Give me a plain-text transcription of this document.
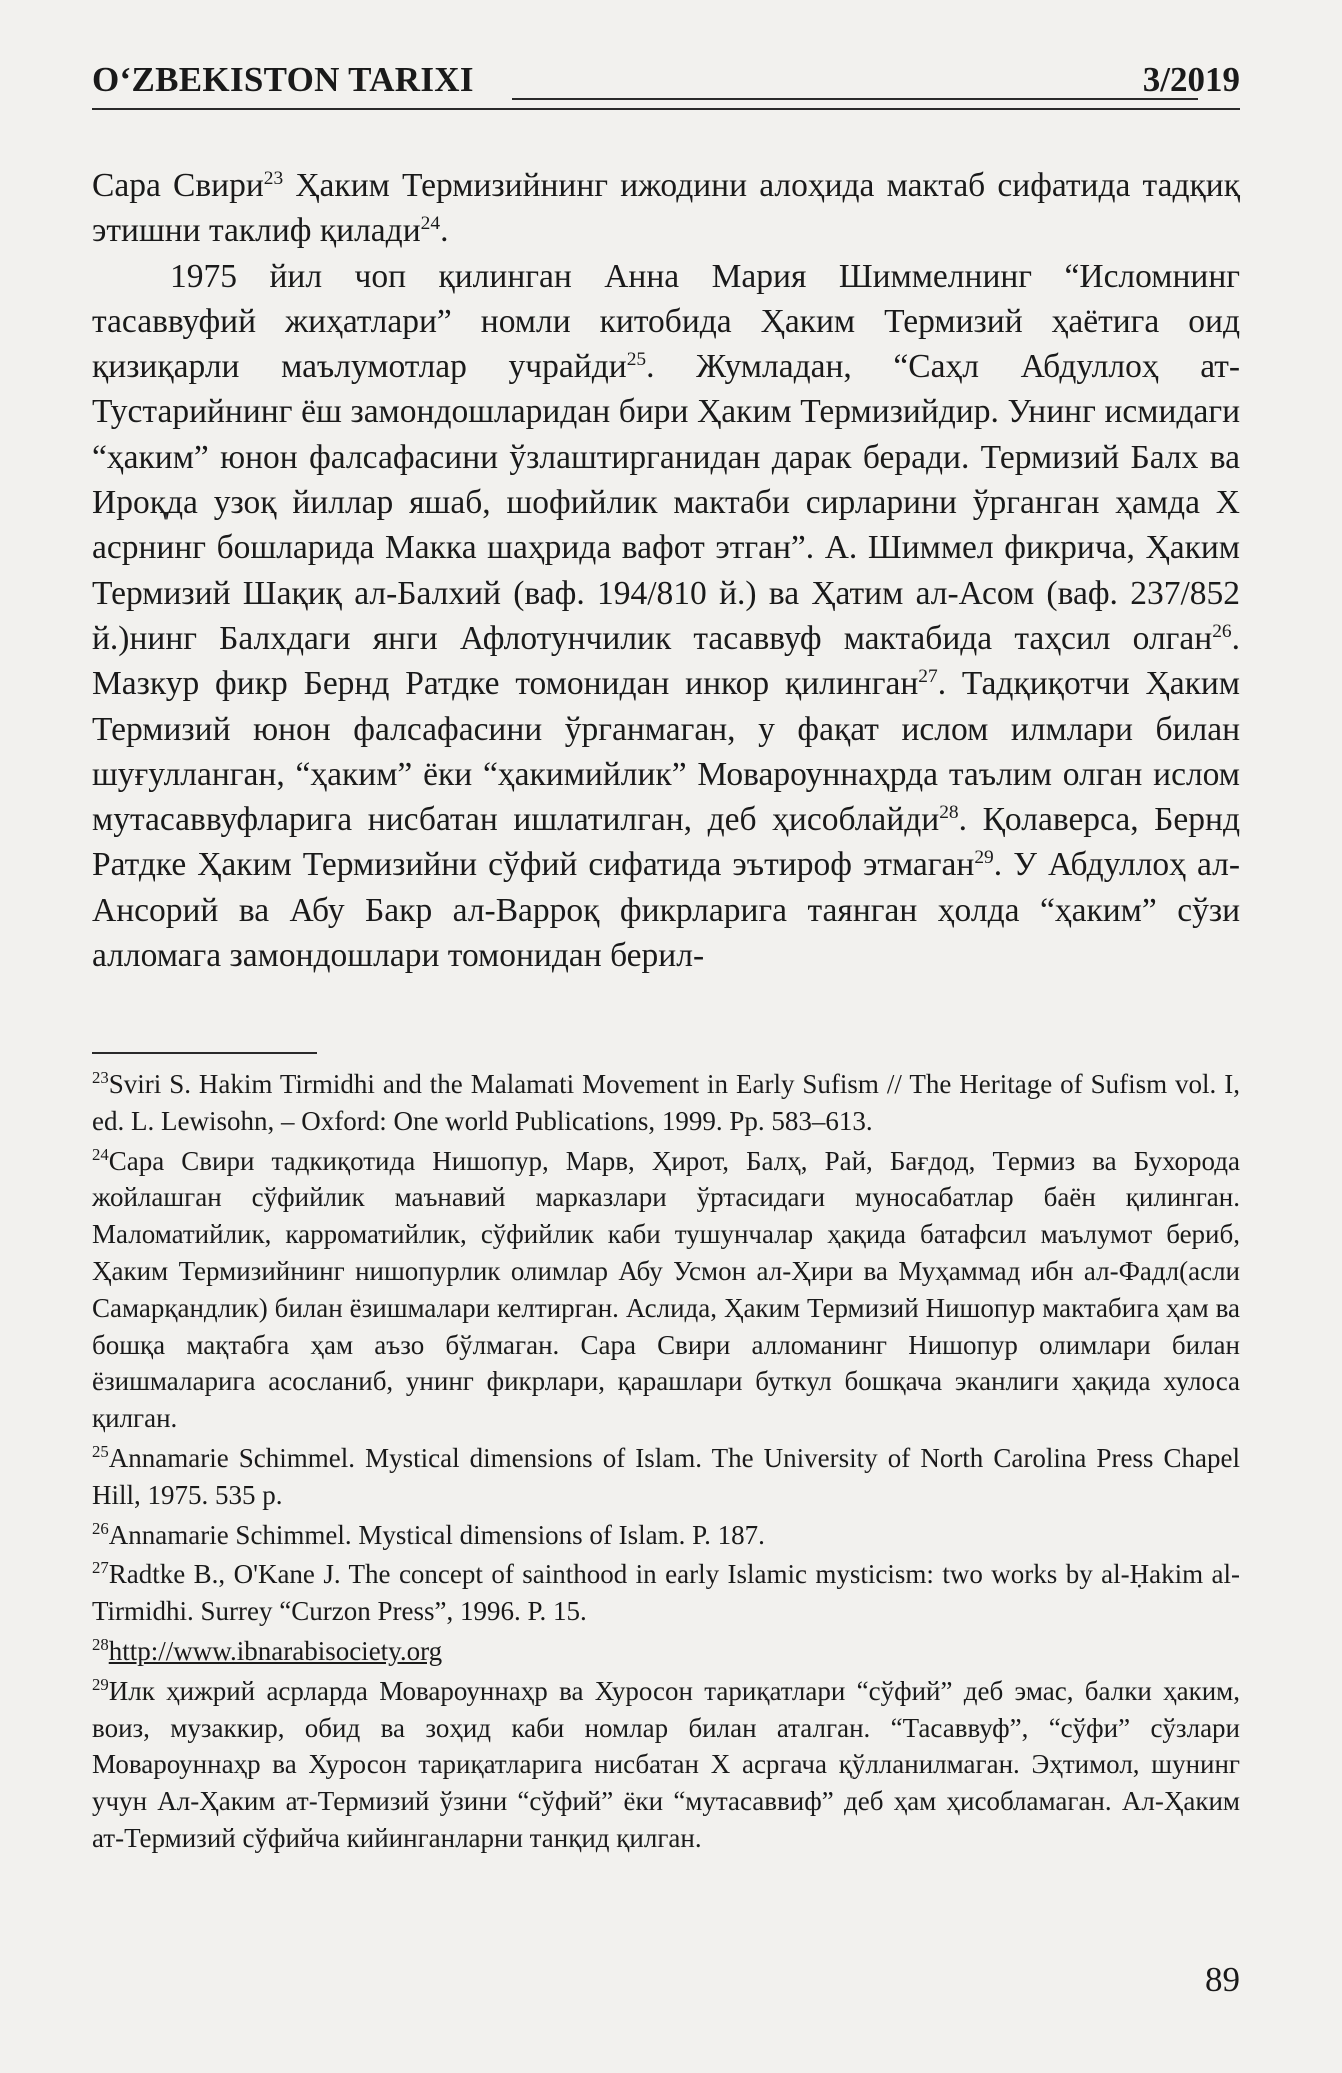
O‘ZBEKISTON TARIXI	3/2019

Сара Свири$^{23}$ Ҳаким Термизийнинг ижодини алоҳида мактаб сифатида тадқиқ этишни таклиф қилади$^{24}$.

1975 йил чоп қилинган Анна Мария Шиммелнинг “Исломнинг тасаввуфий жиҳатлари” номли китобида Ҳаким Термизий ҳаётига оид қизиқарли маълумотлар учрайди$^{25}$. Жумладан, “Саҳл Абдуллоҳ ат-Тустарийнинг ёш замондошларидан бири Ҳаким Термизийдир. Унинг исмидаги “ҳаким” юнон фалсафасини ўзлаштирганидан дарак беради. Термизий Балх ва Ироқда узоқ йиллар яшаб, шофийлик мактаби сирларини ўрганган ҳамда X асрнинг бошларида Макка шаҳрида вафот этган”. А. Шиммел фикрича, Ҳаким Термизий Шақиқ ал-Балхий (ваф. 194/810 й.) ва Ҳатим ал-Асом (ваф. 237/852 й.)нинг Балхдаги янги Афлотунчилик тасаввуф мактабида таҳсил олган$^{26}$. Мазкур фикр Бернд Ратдке томонидан инкор қилинган$^{27}$. Тадқиқотчи Ҳаким Термизий юнон фалсафасини ўрганмаган, у фақат ислом илмлари билан шуғулланган, “ҳаким” ёки “ҳакимийлик” Мовароуннаҳрда таълим олган ислом мутасаввуфларига нисбатан ишлатилган, деб ҳисоблайди$^{28}$. Қолаверса, Бернд Ратдке Ҳаким Термизийни сўфий сифатида эътироф этмаган$^{29}$. У Абдуллоҳ ал-Ансорий ва Абу Бакр ал-Варроқ фикрларига таянган ҳолда “ҳаким” сўзи алломага замондошлари томонидан берил-

$^{23}$Sviri S. Hakim Tirmidhi and the Malamati Movement in Early Sufism // The Heritage of Sufism vol. I, ed. L. Lewisohn, – Oxford: One world Publications, 1999. Pp. 583–613.

$^{24}$Сара Свири тадкиқотида Нишопур, Марв, Ҳирот, Балҳ, Рай, Бағдод, Термиз ва Бухорода жойлашган сўфийлик маънавий марказлари ўртасидаги муносабатлар баён қилинган. Маломатийлик, карроматийлик, сўфийлик каби тушунчалар ҳақида батафсил маълумот бериб, Ҳаким Термизийнинг нишопурлик олимлар Абу Усмон ал-Ҳири ва Муҳаммад ибн ал-Фадл(асли Самарқандлик) билан ёзишмалари келтирган. Аслида, Ҳаким Термизий Нишопур мактабига ҳам ва бошқа мақтабга ҳам аъзо бўлмаган. Сара Свири алломанинг Нишопур олимлари билан ёзишмаларига асосланиб, унинг фикрлари, қарашлари буткул бошқача эканлиги ҳақида хулоса қилган.

$^{25}$Annamarie Schimmel. Mystical dimensions of Islam. The University of North Carolina Press Chapel Hill, 1975. 535 p.

$^{26}$Annamarie Schimmel. Mystical dimensions of Islam. P. 187.

$^{27}$Radtke B., O'Kane J. The concept of sainthood in early Islamic mysticism: two works by al-Ḥakim al-Tirmidhi. Surrey “Curzon Press”, 1996. P. 15.

$^{28}$http://www.ibnarabisociety.org

$^{29}$Илк ҳижрий асрларда Мовароуннаҳр ва Хуросон тариқатлари “сўфий” деб эмас, балки ҳаким, воиз, музаккир, обид ва зоҳид каби номлар билан аталган. “Тасаввуф”, “сўфи” сўзлари Мовароуннаҳр ва Хуросон тариқатларига нисбатан X асргача қўлланилмаган. Эҳтимол, шунинг учун Ал-Ҳаким ат-Термизий ўзини “сўфий” ёки “мутасаввиф” деб ҳам ҳисобламаган. Ал-Ҳаким ат-Термизий сўфийча кийинганларни танқид қилган.

89
